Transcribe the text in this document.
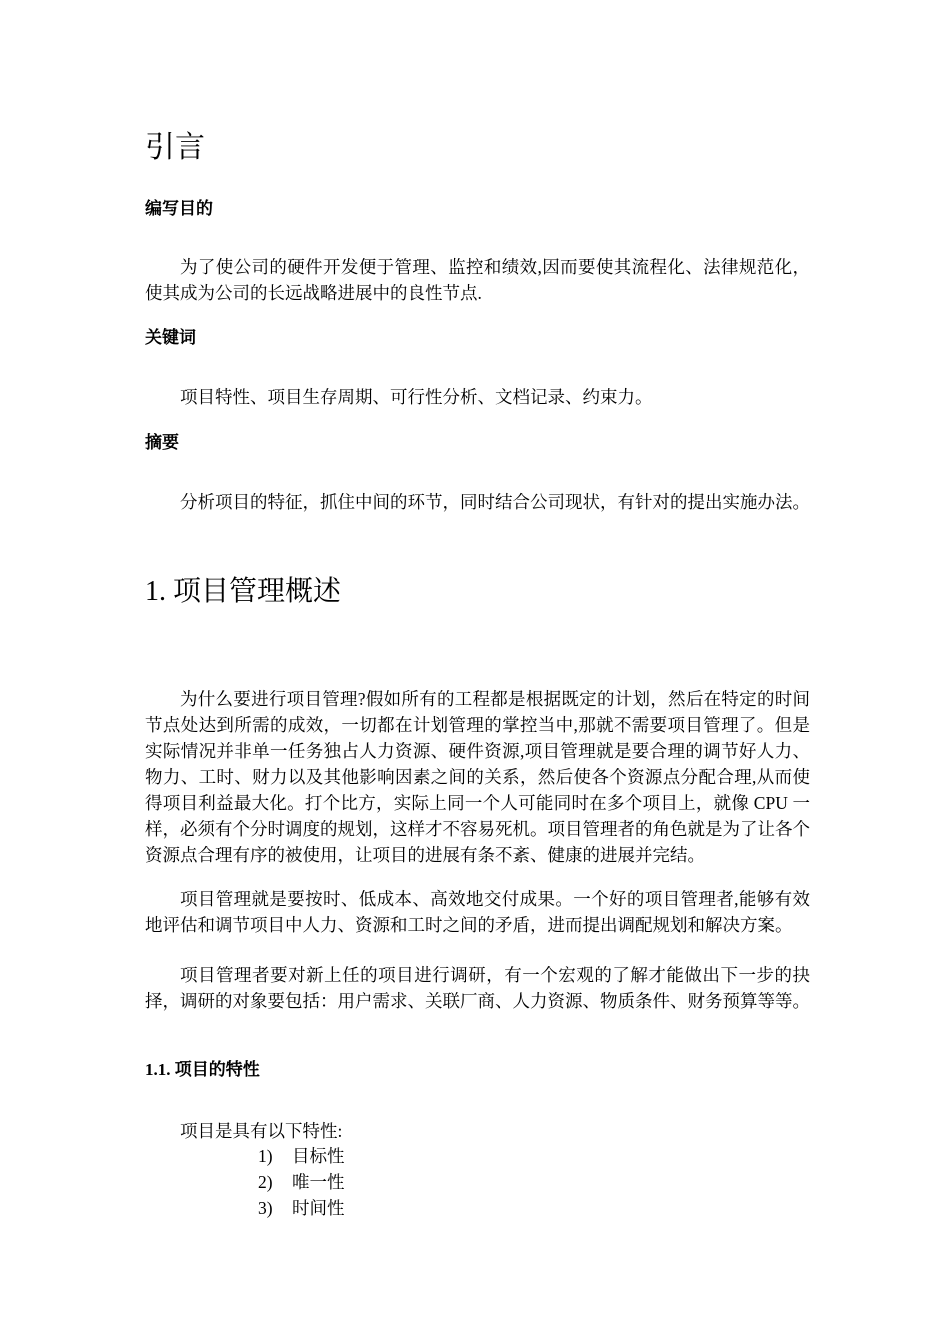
引言
编写目的

为了使公司的硬件开发便于管理、监控和绩效,因而要使其流程化、法律规范化，使其成为公司的长远战略进展中的良性节点.

关键词

项目特性、项目生存周期、可行性分析、文档记录、约束力。

摘要

分析项目的特征，抓住中间的环节，同时结合公司现状，有针对的提出实施办法。

1. 项目管理概述

为什么要进行项目管理?假如所有的工程都是根据既定的计划，然后在特定的时间节点处达到所需的成效，一切都在计划管理的掌控当中,那就不需要项目管理了。但是实际情况并非单一任务独占人力资源、硬件资源,项目管理就是要合理的调节好人力、物力、工时、财力以及其他影响因素之间的关系，然后使各个资源点分配合理,从而使得项目利益最大化。打个比方，实际上同一个人可能同时在多个项目上，就像 CPU 一样，必须有个分时调度的规划，这样才不容易死机。项目管理者的角色就是为了让各个资源点合理有序的被使用，让项目的进展有条不紊、健康的进展并完结。

项目管理就是要按时、低成本、高效地交付成果。一个好的项目管理者,能够有效地评估和调节项目中人力、资源和工时之间的矛盾，进而提出调配规划和解决方案。

项目管理者要对新上任的项目进行调研，有一个宏观的了解才能做出下一步的抉择，调研的对象要包括：用户需求、关联厂商、人力资源、物质条件、财务预算等等。

1.1. 项目的特性

项目是具有以下特性:

1) 目标性
2) 唯一性
3) 时间性
